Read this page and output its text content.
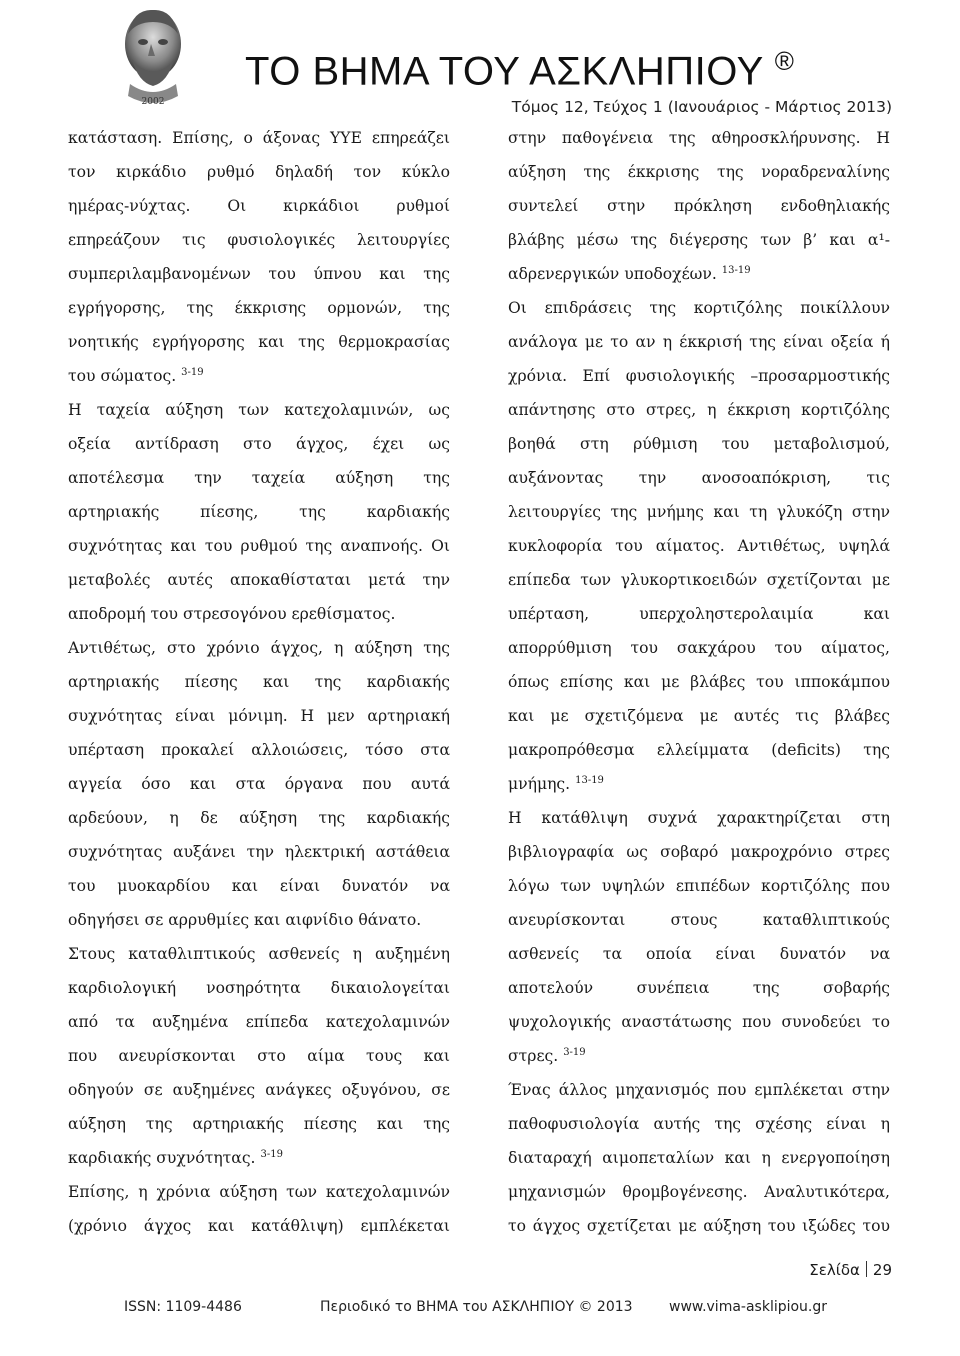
2002
ΤΟ ΒΗΜΑ ΤΟΥ ΑΣΚΛΗΠΙΟΥ ®
Τόμος 12, Τεύχος 1 (Ιανουάριος - Μάρτιος 2013)
κατάσταση. Επίσης, ο άξονας ΥΥΕ επηρεάζει
τον κιρκάδιο ρυθμό δηλαδή τον κύκλο
ημέρας-νύχτας. Οι κιρκάδιοι ρυθμοί
επηρεάζουν τις φυσιολογικές λειτουργίες
συμπεριλαμβανομένων του ύπνου και της
εγρήγορσης, της έκκρισης ορμονών, της
νοητικής εγρήγορσης και της θερμοκρασίας
του σώματος. $^{3-19}$
Η ταχεία αύξηση των κατεχολαμινών, ως
οξεία αντίδραση στο άγχος, έχει ως
αποτέλεσμα την ταχεία αύξηση της
αρτηριακής πίεσης, της καρδιακής
συχνότητας και του ρυθμού της αναπνοής. Οι
μεταβολές αυτές αποκαθίσταται μετά την
αποδρομή του στρεσογόνου ερεθίσματος.
Αντιθέτως, στο χρόνιο άγχος, η αύξηση της
αρτηριακής πίεσης και της καρδιακής
συχνότητας είναι μόνιμη. Η μεν αρτηριακή
υπέρταση προκαλεί αλλοιώσεις, τόσο στα
αγγεία όσο και στα όργανα που αυτά
αρδεύουν, η δε αύξηση της καρδιακής
συχνότητας αυξάνει την ηλεκτρική αστάθεια
του μυοκαρδίου και είναι δυνατόν να
οδηγήσει σε αρρυθμίες και αιφνίδιο θάνατο.
Στους καταθλιπτικούς ασθενείς η αυξημένη
καρδιολογική νοσηρότητα δικαιολογείται
από τα αυξημένα επίπεδα κατεχολαμινών
που ανευρίσκονται στο αίμα τους και
οδηγούν σε αυξημένες ανάγκες οξυγόνου, σε
αύξηση της αρτηριακής πίεσης και της
καρδιακής συχνότητας. $^{3-19}$
Επίσης, η χρόνια αύξηση των κατεχολαμινών
(χρόνιο άγχος και κατάθλιψη) εμπλέκεται
στην παθογένεια της αθηροσκλήρυνσης. Η
αύξηση της έκκρισης της νοραδρεναλίνης
συντελεί στην πρόκληση ενδοθηλιακής
βλάβης μέσω της διέγερσης των β’ και α¹-
αδρενεργικών υποδοχέων. $^{13-19}$
Οι επιδράσεις της κορτιζόλης ποικίλλουν
ανάλογα με το αν η έκκρισή της είναι οξεία ή
χρόνια. Επί φυσιολογικής –προσαρμοστικής
απάντησης στο στρες, η έκκριση κορτιζόλης
βοηθά στη ρύθμιση του μεταβολισμού,
αυξάνοντας την ανοσοαπόκριση, τις
λειτουργίες της μνήμης και τη γλυκόζη στην
κυκλοφορία του αίματος. Αντιθέτως, υψηλά
επίπεδα των γλυκορτικοειδών σχετίζονται με
υπέρταση, υπερχοληστερολαιμία και
απορρύθμιση του σακχάρου του αίματος,
όπως επίσης και με βλάβες του ιπποκάμπου
και με σχετιζόμενα με αυτές τις βλάβες
μακροπρόθεσμα ελλείμματα (deficits) της
μνήμης. $^{13-19}$
Η κατάθλιψη συχνά χαρακτηρίζεται στη
βιβλιογραφία ως σοβαρό μακροχρόνιο στρες
λόγω των υψηλών επιπέδων κορτιζόλης που
ανευρίσκονται στους καταθλιπτικούς
ασθενείς τα οποία είναι δυνατόν να
αποτελούν συνέπεια της σοβαρής
ψυχολογικής αναστάτωσης που συνοδεύει το
στρες. $^{3-19}$
Ένας άλλος μηχανισμός που εμπλέκεται στην
παθοφυσιολογία αυτής της σχέσης είναι η
διαταραχή αιμοπεταλίων και η ενεργοποίηση
μηχανισμών θρομβογένεσης. Αναλυτικότερα,
το άγχος σχετίζεται με αύξηση του ιξώδες του
Σελίδα 29
ISSN: 1109-4486	Περιοδικό το ΒΗΜΑ του ΑΣΚΛΗΠΙΟΥ © 2013	www.vima-asklipiou.gr
